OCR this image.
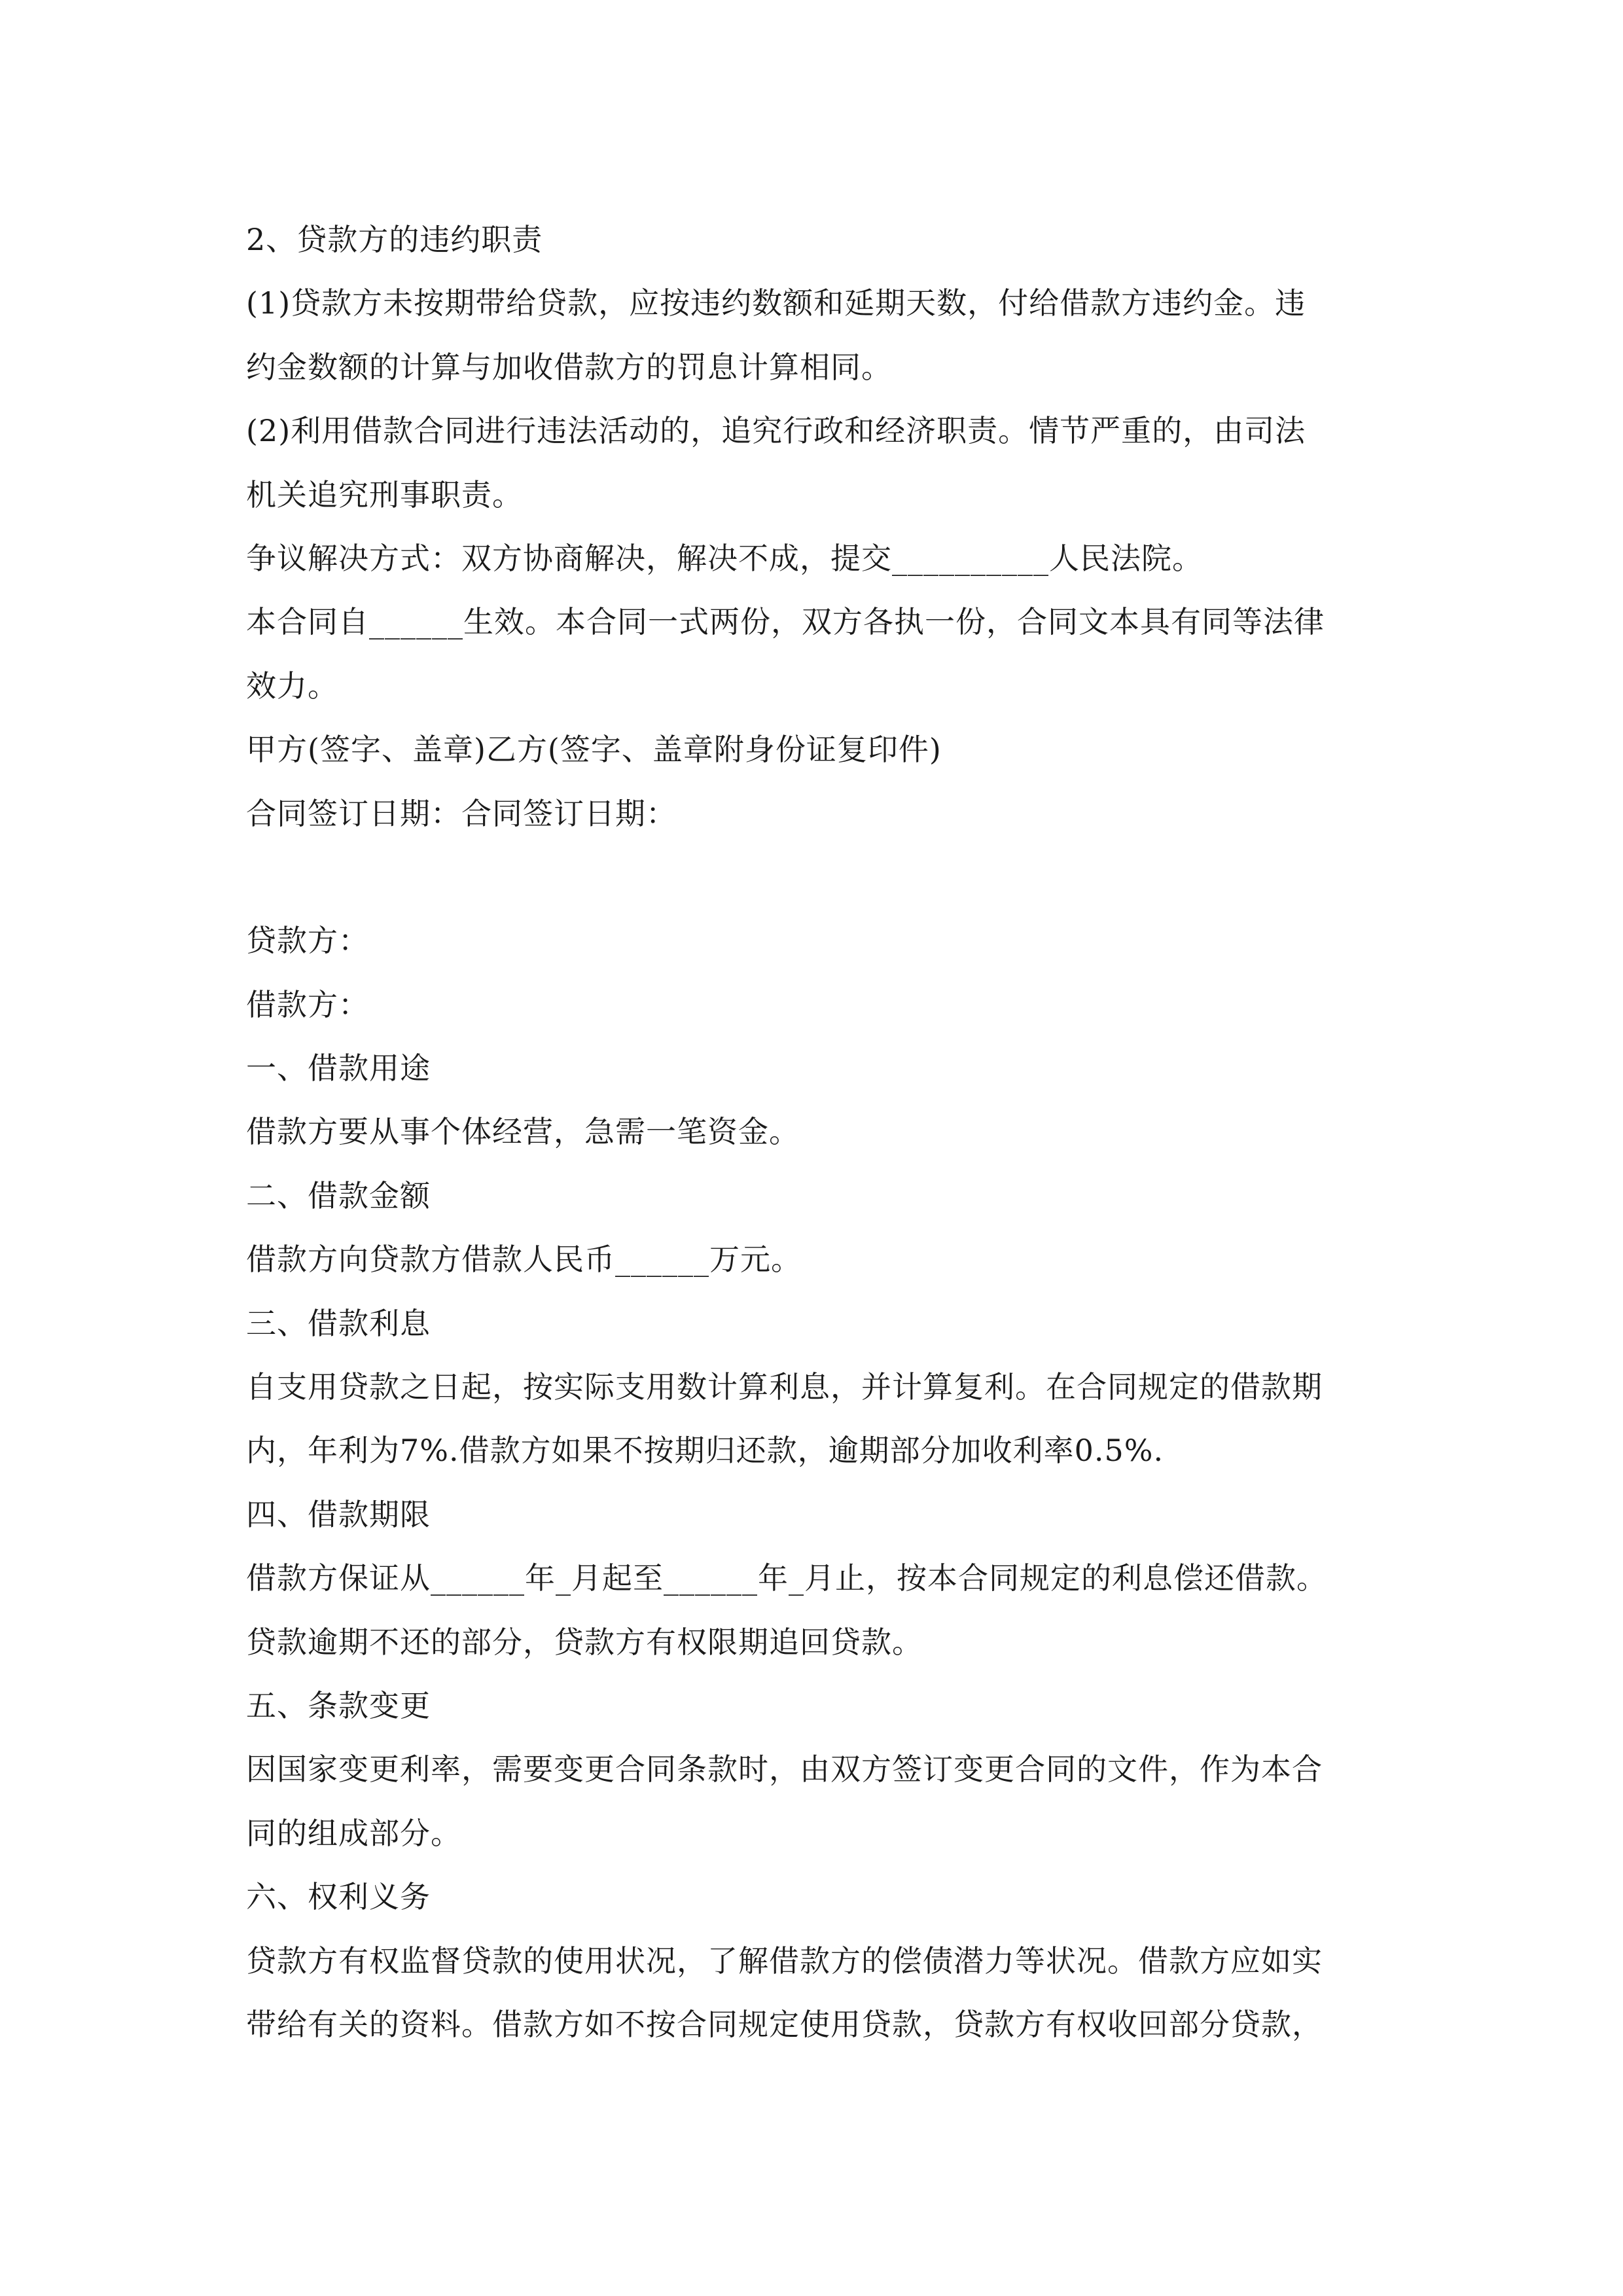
2、贷款方的违约职责
(1)贷款方未按期带给贷款，应按违约数额和延期天数，付给借款方违约金。违
约金数额的计算与加收借款方的罚息计算相同。
(2)利用借款合同进行违法活动的，追究行政和经济职责。情节严重的，由司法
机关追究刑事职责。
争议解决方式：双方协商解决，解决不成，提交__________人民法院。
本合同自______生效。本合同一式两份，双方各执一份，合同文本具有同等法律
效力。
甲方(签字、盖章)乙方(签字、盖章附身份证复印件)
合同签订日期：合同签订日期：
贷款方：
借款方：
一、借款用途
借款方要从事个体经营，急需一笔资金。
二、借款金额
借款方向贷款方借款人民币______万元。
三、借款利息
自支用贷款之日起，按实际支用数计算利息，并计算复利。在合同规定的借款期
内，年利为7%.借款方如果不按期归还款，逾期部分加收利率0.5%.
四、借款期限
借款方保证从______年_月起至______年_月止，按本合同规定的利息偿还借款。
贷款逾期不还的部分，贷款方有权限期追回贷款。
五、条款变更
因国家变更利率，需要变更合同条款时，由双方签订变更合同的文件，作为本合
同的组成部分。
六、权利义务
贷款方有权监督贷款的使用状况，了解借款方的偿债潜力等状况。借款方应如实
带给有关的资料。借款方如不按合同规定使用贷款，贷款方有权收回部分贷款，
